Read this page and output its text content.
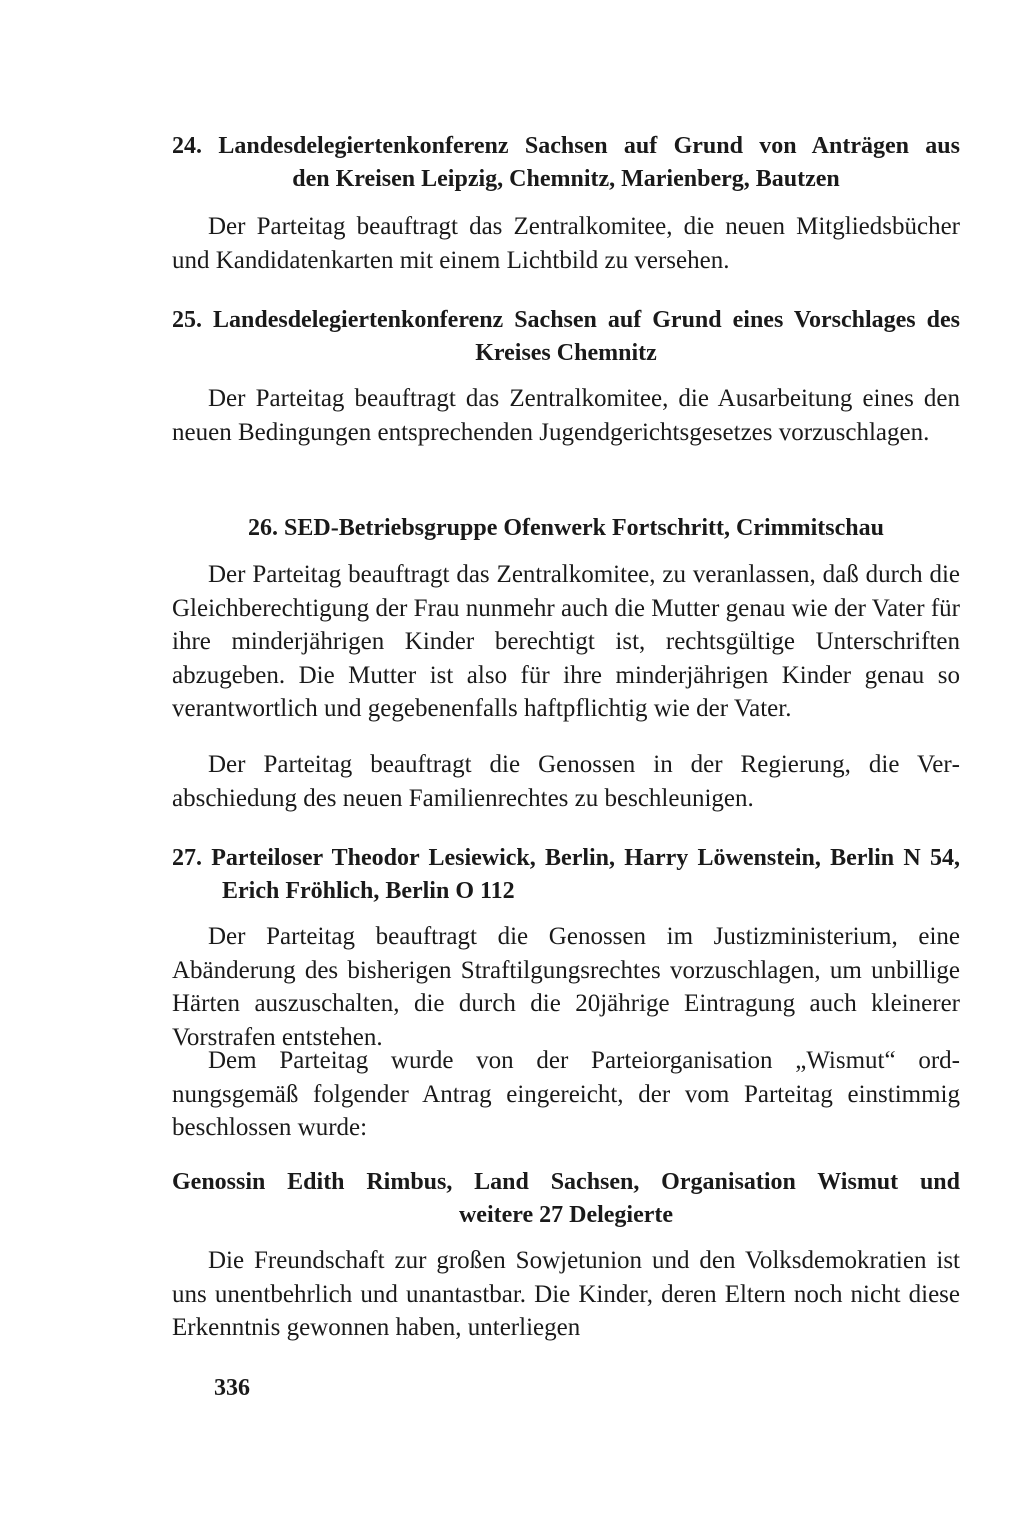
24. Landesdelegiertenkonferenz Sachsen auf Grund von Anträgen aus
den Kreisen Leipzig, Chemnitz, Marienberg, Bautzen

Der Parteitag beauftragt das Zentralkomitee, die neuen Mitgliedsbücher und Kandidatenkarten mit einem Lichtbild zu versehen.

25. Landesdelegiertenkonferenz Sachsen auf Grund eines Vorschlages des
Kreises Chemnitz

Der Parteitag beauftragt das Zentralkomitee, die Ausarbeitung eines den neuen Bedingungen entsprechenden Jugendgerichtsgesetzes vorzuschlagen.

26. SED-Betriebsgruppe Ofenwerk Fortschritt, Crimmitschau

Der Parteitag beauftragt das Zentralkomitee, zu veranlassen, daß durch die Gleichberechtigung der Frau nunmehr auch die Mutter genau wie der Vater für ihre minderjährigen Kinder berechtigt ist, rechtsgültige Unterschriften abzugeben. Die Mutter ist also für ihre minderjährigen Kinder genau so verantwortlich und gegebenenfalls haftpflichtig wie der Vater.

Der Parteitag beauftragt die Genossen in der Regierung, die Verabschiedung des neuen Familienrechtes zu beschleunigen.

27. Parteiloser Theodor Lesiewick, Berlin, Harry Löwenstein, Berlin N 54,
Erich Fröhlich, Berlin O 112

Der Parteitag beauftragt die Genossen im Justizministerium, eine Abänderung des bisherigen Straftilgungsrechtes vorzuschlagen, um unbillige Härten auszuschalten, die durch die 20jährige Eintragung auch kleinerer Vorstrafen entstehen.

Dem Parteitag wurde von der Parteiorganisation „Wismut“ ordnungsgemäß folgender Antrag eingereicht, der vom Parteitag einstimmig beschlossen wurde:

Genossin Edith Rimbus, Land Sachsen, Organisation Wismut und
weitere 27 Delegierte

Die Freundschaft zur großen Sowjetunion und den Volksdemokratien ist uns unentbehrlich und unantastbar. Die Kinder, deren Eltern noch nicht diese Erkenntnis gewonnen haben, unterliegen

336
